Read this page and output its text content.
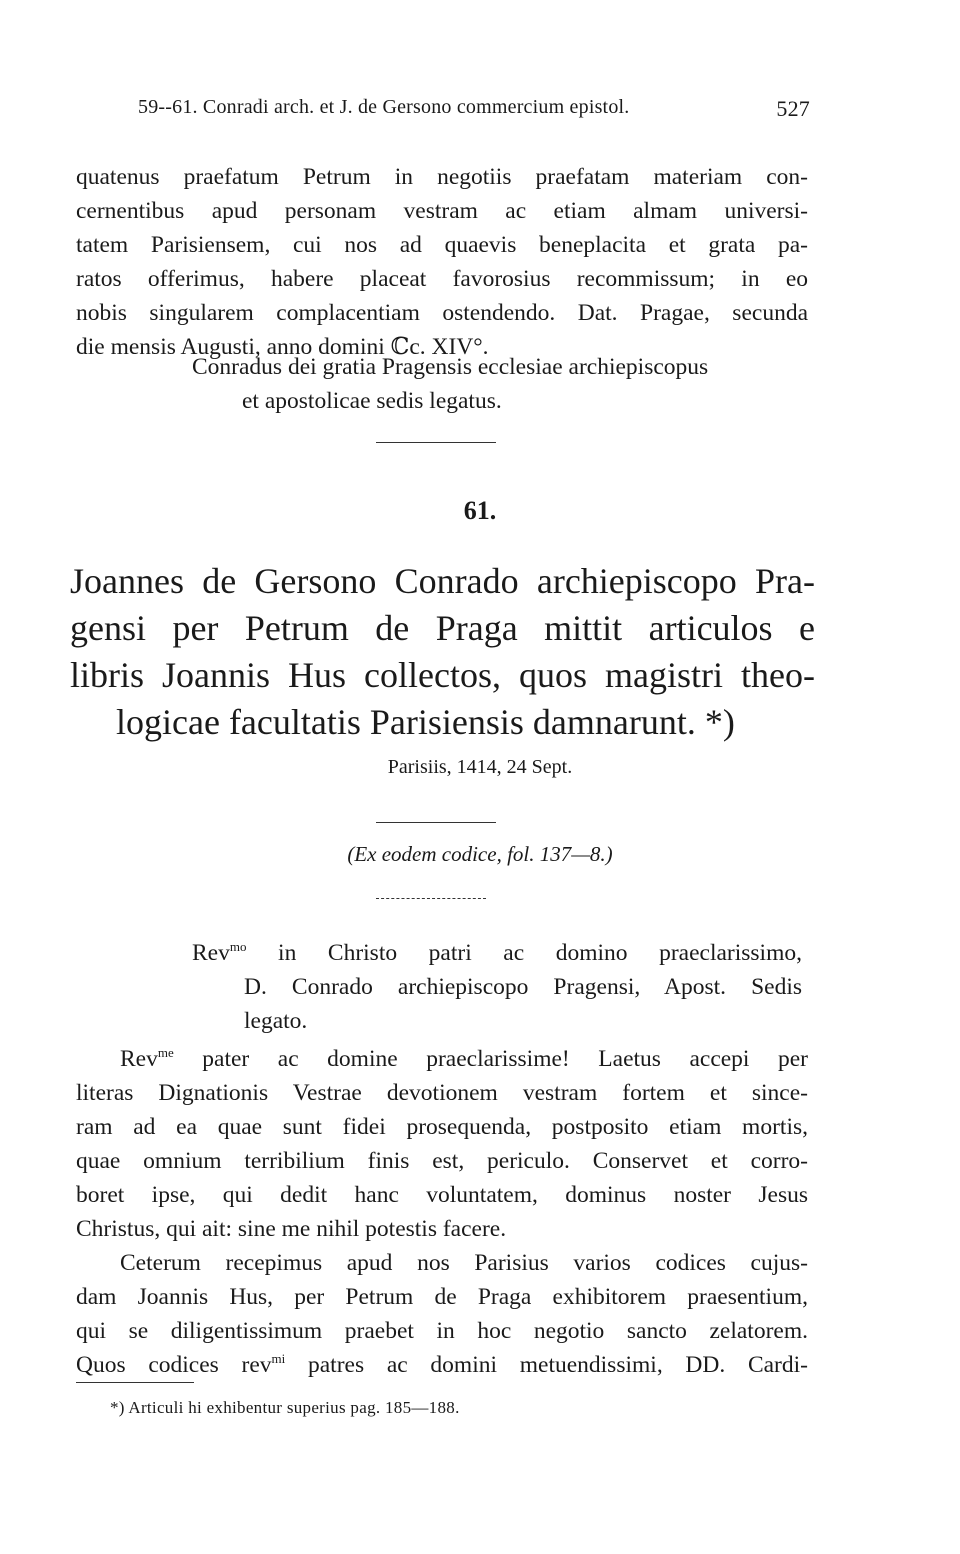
59--61. Conradi arch. et J. de Gersono commercium epistol.	527

quatenus praefatum Petrum in negotiis praefatam materiam con-

cernentibus apud personam vestram ac etiam almam universi-

tatem Parisiensem, cui nos ad quaevis beneplacita et grata pa-

ratos offerimus, habere placeat favorosius recommissum; in eo

nobis singularem complacentiam ostendendo. Dat. Pragae, secunda

die mensis Augusti, anno domini ℂc. XIV°.

Conradus dei gratia Pragensis ecclesiae archiepiscopus
et apostolicae sedis legatus.
61.

Joannes de Gersono Conrado archiepiscopo Pra-

gensi per Petrum de Praga mittit articulos e

libris Joannis Hus collectos, quos magistri theo-

logicae facultatis Parisiensis damnarunt. *)

Parisiis, 1414, 24 Sept.
(Ex eodem codice, fol. 137—8.)

Rev$^{mo}$ in Christo patri ac domino praeclarissimo,

D. Conrado archiepiscopo Pragensi, Apost. Sedis

legato.

Rev$^{me}$ pater ac domine praeclarissime! Laetus accepi per

literas Dignationis Vestrae devotionem vestram fortem et since-

ram ad ea quae sunt fidei prosequenda, postposito etiam mortis,

quae omnium terribilium finis est, periculo. Conservet et corro-

boret ipse, qui dedit hanc voluntatem, dominus noster Jesus

Christus, qui ait: sine me nihil potestis facere.

Ceterum recepimus apud nos Parisius varios codices cujus-

dam Joannis Hus, per Petrum de Praga exhibitorem praesentium,

qui se diligentissimum praebet in hoc negotio sancto zelatorem.

Quos codices rev$^{mi}$ patres ac domini metuendissimi, DD. Cardi-

*) Articuli hi exhibentur superius pag. 185—188.
